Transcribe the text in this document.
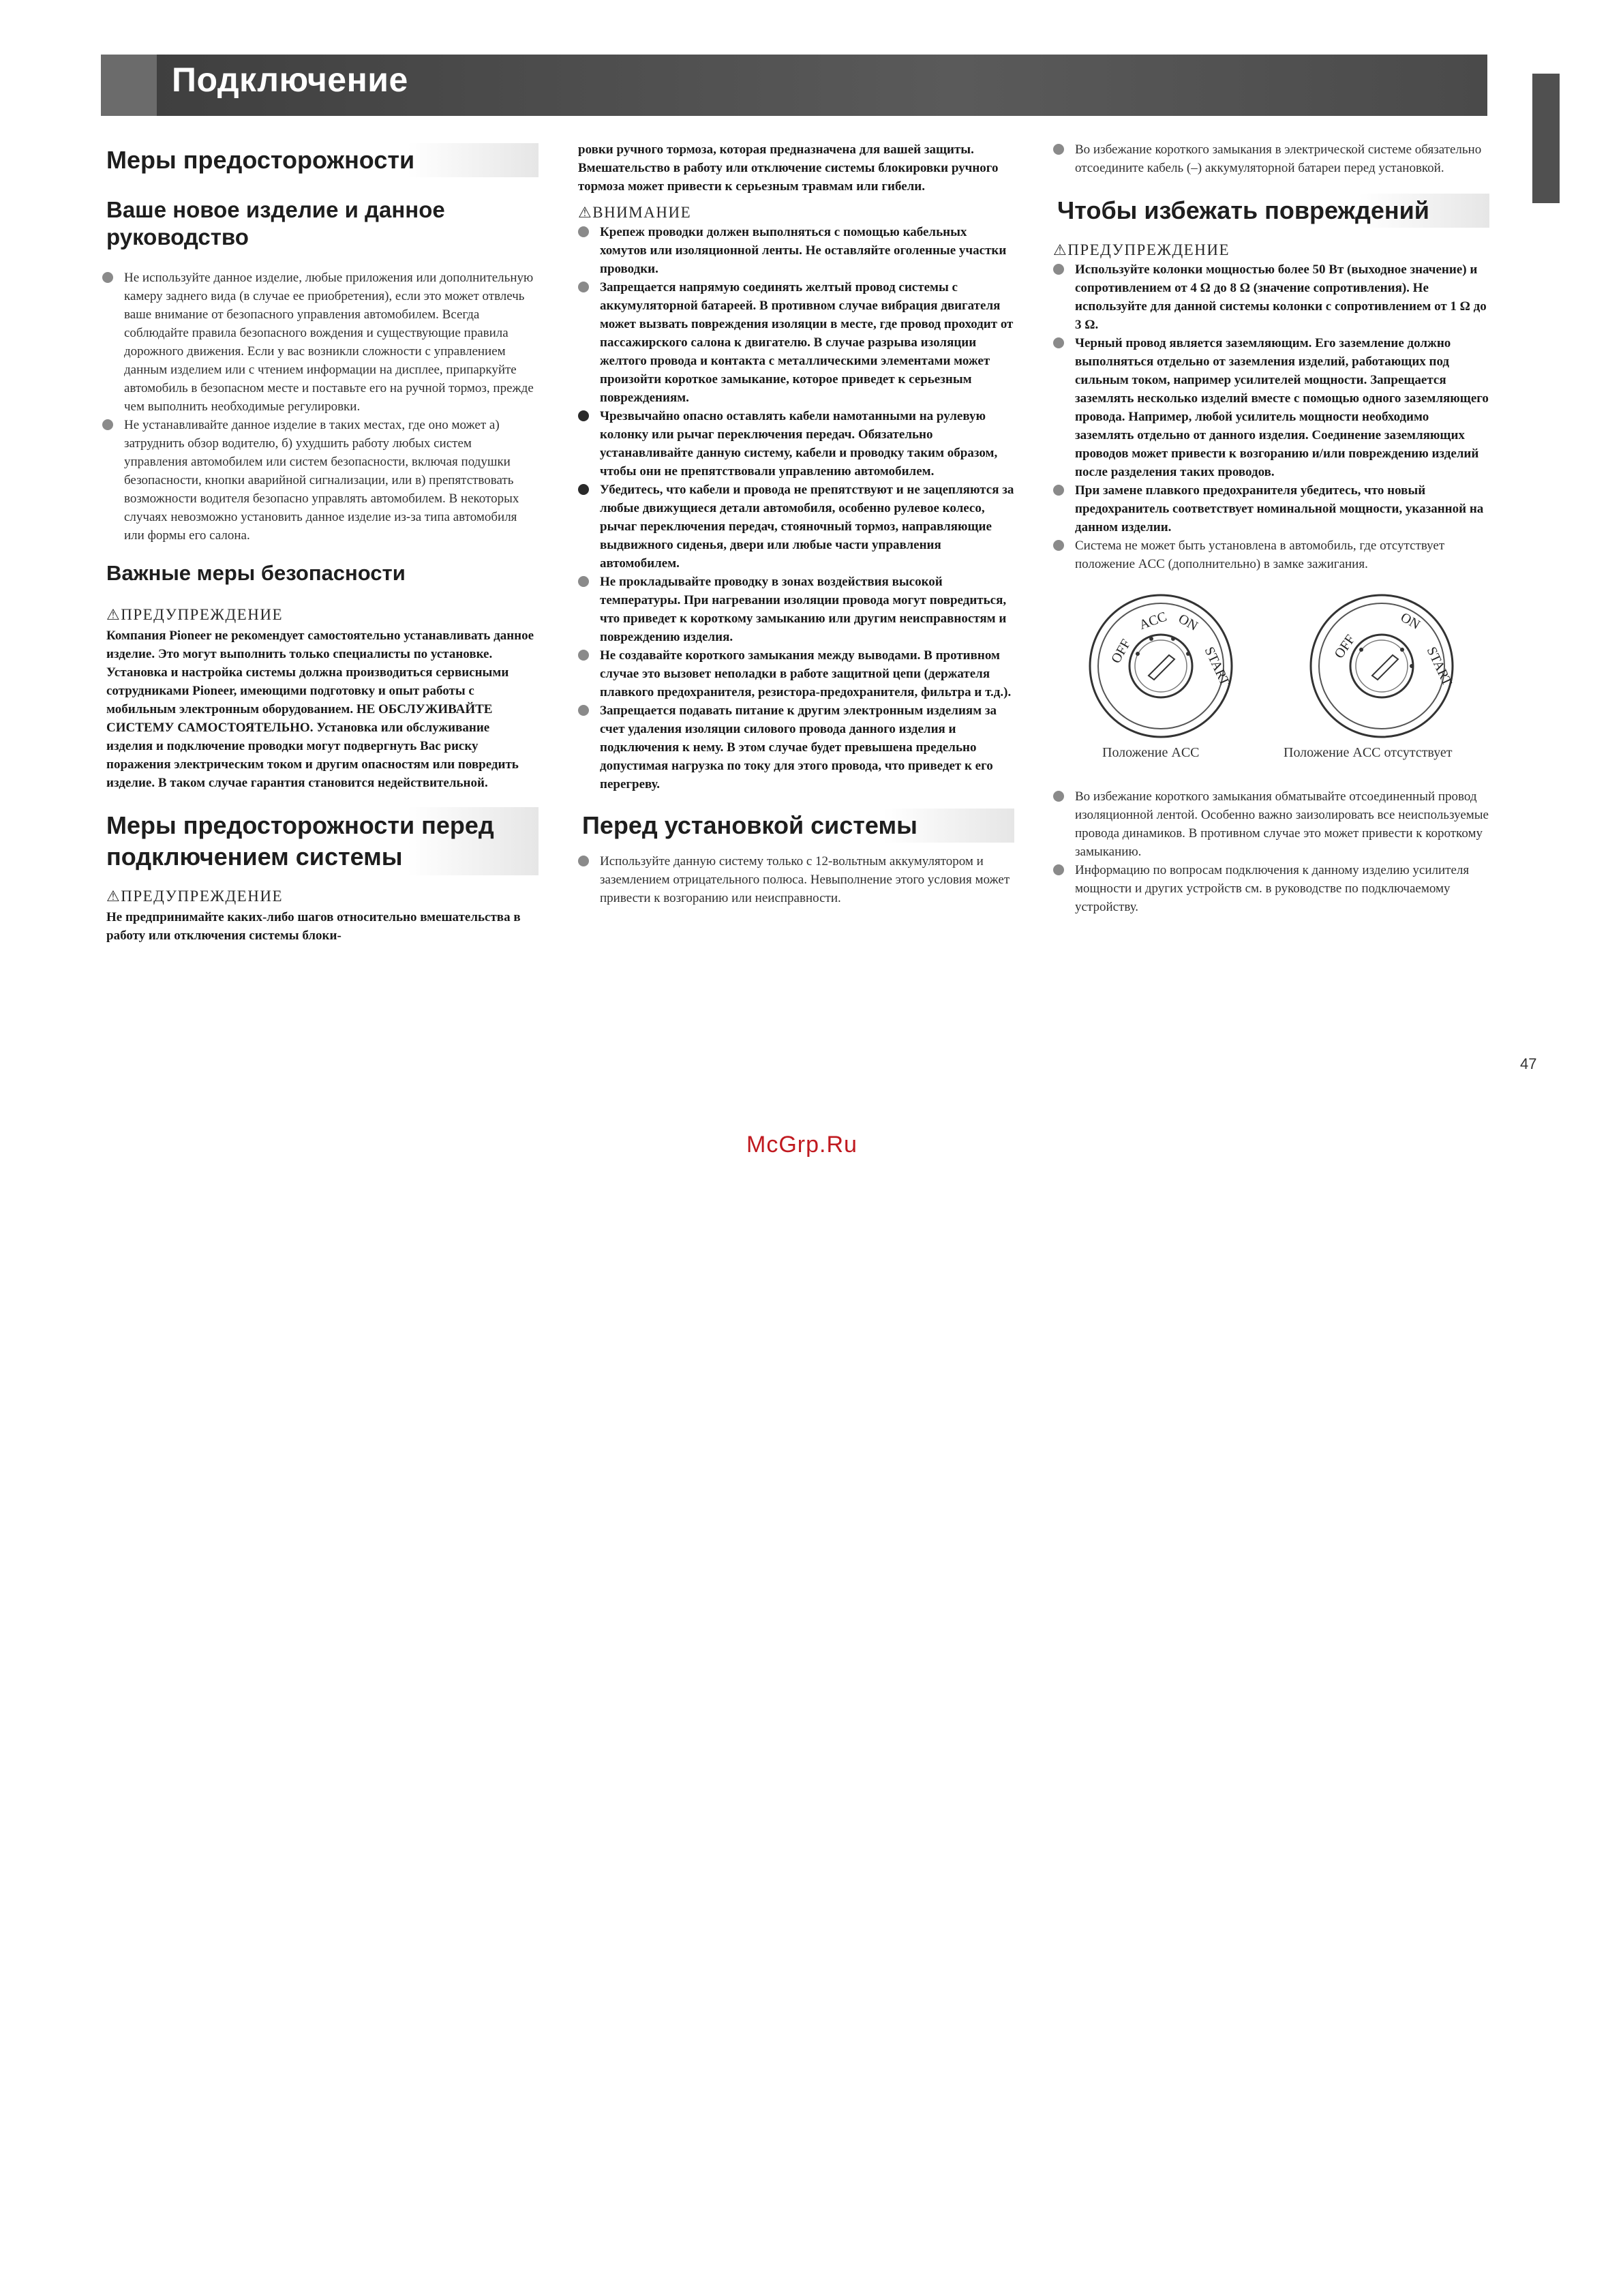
Подключение
Меры предосторожности
Ваше новое изделие и данное руководство
Не используйте данное изделие, любые приложения или дополнительную камеру заднего вида (в случае ее приобретения), если это может отвлечь ваше внимание от безопасного управления автомобилем. Всегда соблюдайте правила безопасного вождения и существующие правила дорожного движения. Если у вас возникли сложности с управлением данным изделием или с чтением информации на дисплее, припаркуйте автомобиль в безопасном месте и поставьте его на ручной тормоз, прежде чем выполнить необходимые регулировки.
Не устанавливайте данное изделие в таких местах, где оно может а) затруднить обзор водителю, б) ухудшить работу любых систем управления автомобилем или систем безопасности, включая подушки безопасности, кнопки аварийной сигнализации, или в) препятствовать возможности водителя безопасно управлять автомобилем. В некоторых случаях невозможно установить данное изделие из-за типа автомобиля или формы его салона.
Важные меры безопасности

⚠ПРЕДУПРЕЖДЕНИЕ

Компания Pioneer не рекомендует самостоятельно устанавливать данное изделие. Это могут выполнить только специалисты по установке. Установка и настройка системы должна производиться сервисными сотрудниками Pioneer, имеющими подготовку и опыт работы с мобильным электронным оборудованием. НЕ ОБСЛУЖИВАЙТЕ СИСТЕМУ САМОСТОЯТЕЛЬНО. Установка или обслуживание изделия и подключение проводки могут подвергнуть Вас риску поражения электрическим током и другим опасностям или повредить изделие. В таком случае гарантия становится недействительной.

Меры предосторожности перед
подключением системы

⚠ПРЕДУПРЕЖДЕНИЕ

Не предпринимайте каких-либо шагов относительно вмешательства в работу или отключения системы блоки-

ровки ручного тормоза, которая предназначена для вашей защиты. Вмешательство в работу или отключение системы блокировки ручного тормоза может привести к серьезным травмам или гибели.

⚠ВНИМАНИЕ

Крепеж проводки должен выполняться с помощью кабельных хомутов или изоляционной ленты. Не оставляйте оголенные участки проводки.
Запрещается напрямую соединять желтый провод системы с аккумуляторной батареей. В противном случае вибрация двигателя может вызвать повреждения изоляции в месте, где провод проходит от пассажирского салона к двигателю. В случае разрыва изоляции желтого провода и контакта с металлическими элементами может произойти короткое замыкание, которое приведет к серьезным повреждениям.
Чрезвычайно опасно оставлять кабели намотанными на рулевую колонку или рычаг переключения передач. Обязательно устанавливайте данную систему, кабели и проводку таким образом, чтобы они не препятствовали управлению автомобилем.
Убедитесь, что кабели и провода не препятствуют и не зацепляются за любые движущиеся детали автомобиля, особенно рулевое колесо, рычаг переключения передач, стояночный тормоз, направляющие выдвижного сиденья, двери или любые части управления автомобилем.
Не прокладывайте проводку в зонах воздействия высокой температуры. При нагревании изоляции провода могут повредиться, что приведет к короткому замыканию или другим неисправностям и повреждению изделия.
Не создавайте короткого замыкания между выводами. В противном случае это вызовет неполадки в работе защитной цепи (держателя плавкого предохранителя, резистора-предохранителя, фильтра и т.д.).
Запрещается подавать питание к другим электронным изделиям за счет удаления изоляции силового провода данного изделия и подключения к нему. В этом случае будет превышена предельно допустимая нагрузка по току для этого провода, что приведет к его перегреву.
Перед установкой системы
Используйте данную систему только с 12-вольтным аккумулятором и заземлением отрицательного полюса. Невыполнение этого условия может привести к возгоранию или неисправности.
Во избежание короткого замыкания в электрической системе обязательно отсоедините кабель (–) аккумуляторной батареи перед установкой.
Чтобы избежать повреждений

⚠ПРЕДУПРЕЖДЕНИЕ

Используйте колонки мощностью более 50 Вт (выходное значение) и сопротивлением от 4 Ω до 8 Ω (значение сопротивления). Не используйте для данной системы колонки с сопротивлением от 1 Ω до 3 Ω.
Черный провод является заземляющим. Его заземление должно выполняться отдельно от заземления изделий, работающих под сильным током, например усилителей мощности. Запрещается заземлять несколько изделий вместе с помощью одного заземляющего провода. Например, любой усилитель мощности необходимо заземлять отдельно от данного изделия. Соединение заземляющих проводов может привести к возгоранию и/или повреждению изделий после разделения таких проводов.
При замене плавкого предохранителя убедитесь, что новый предохранитель соответствует номинальной мощности, указанной на данном изделии.
Система не может быть установлена в автомобиль, где отсутствует положение ACC (дополнительно) в замке зажигания.
OFF
ACC ON
START	OFF
ON
START
Положение ACC	Положение ACC отсутствует
Во избежание короткого замыкания обматывайте отсоединенный провод изоляционной лентой. Особенно важно заизолировать все неиспользуемые провода динамиков. В противном случае это может привести к короткому замыканию.
Информацию по вопросам подключения к данному изделию усилителя мощности и других устройств см. в руководстве по подключаемому устройству.
47
McGrp.Ru
